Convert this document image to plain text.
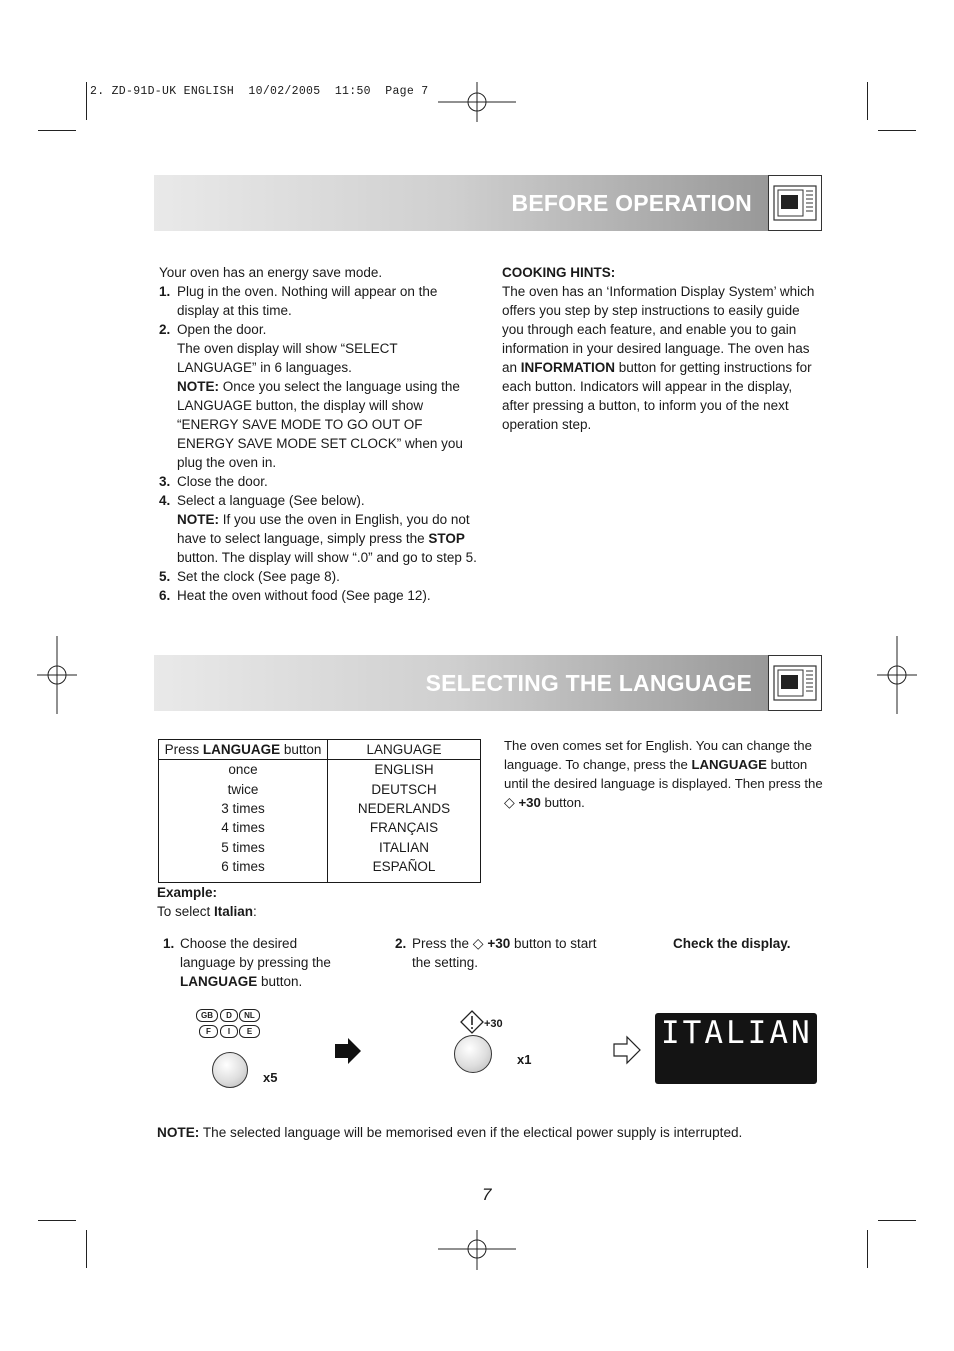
2. ZD-91D-UK ENGLISH  10/02/2005  11:50  Page 7
BEFORE OPERATION

Your oven has an energy save mode.

1. Plug in the oven. Nothing will appear on the display at this time.
2. Open the door.
The oven display will show “SELECT LANGUAGE” in 6 languages.
NOTE: Once you select the language using the LANGUAGE button, the display will show “ENERGY SAVE MODE TO GO OUT OF ENERGY SAVE MODE SET CLOCK” when you plug the oven in.
3. Close the door.
4. Select a language (See below).
NOTE: If you use the oven in English, you do not have to select language, simply press the STOP button. The display will show “.0” and go to step 5.
5. Set the clock (See page 8).
6. Heat the oven without food (See page 12).

COOKING HINTS:

The oven has an ‘Information Display System’ which offers you step by step instructions to easily guide you through each feature, and enable you to gain information in your desired language. The oven has an INFORMATION button for getting instructions for each button. Indicators will appear in the display, after pressing a button, to inform you of the next operation step.

SELECTING THE LANGUAGE
Press LANGUAGE button	LANGUAGE
once	ENGLISH
twice	DEUTSCH
3 times	NEDERLANDS
4 times	FRANÇAIS
5 times	ITALIAN
6 times	ESPAÑOL
The oven comes set for English. You can change the language. To change, press the LANGUAGE button until the desired language is displayed. Then press the ◇ +30 button.

Example:

To select Italian:

1. Choose the desired language by pressing the LANGUAGE button.
2. Press the ◇ +30 button to start the setting.
Check the display.
GB	D	NL
F	I	E
x5
+30
x1
ITALIAN
NOTE: The selected language will be memorised even if the electical power supply is interrupted.
7
